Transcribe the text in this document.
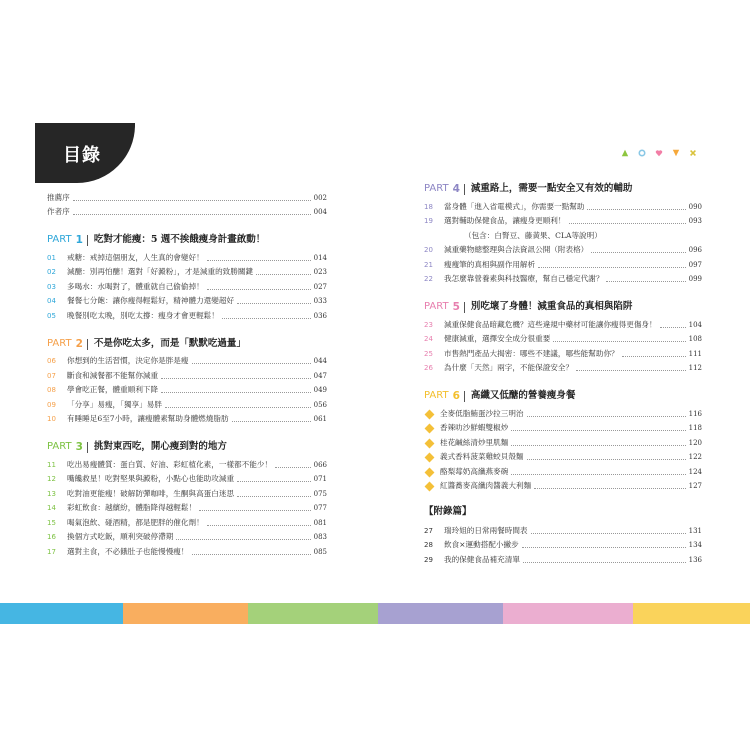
目錄
推薦序	002
作者序	004
PART 1 吃對才能瘦：5 週不挨餓瘦身計畫啟動！
01	戒糖：戒掉這個朋友，人生真的會變好！	014
02	減醣：別再怕醣！選對「好澱粉」，才是減重的致勝關鍵	023
03	多喝水：水喝對了，體重就自己偷偷掉！	027
04	餐餐七分飽：讓你瘦得輕鬆好，精神體力還變超好	033
05	晚餐別吃太晚，別吃太撐：瘦身才會更輕鬆！	036
PART 2 不是你吃太多，而是「默默吃過量」
06	你想到的生活習慣，決定你是胖是瘦	044
07	斷食和減餐都不能幫你減重	047
08	學會吃正餐，體重順利下降	049
09	「分享」易瘦，「獨享」易胖	056
10	有睡睡足6至7小時，讓瘦體素幫助身體燃燒脂肪	061
PART 3 挑對東西吃，開心瘦到對的地方
11	吃出易瘦體質：蛋白質、好油、彩虹植化素，一樣都不能少！	066
12	嘴饞救星！吃對堅果與澱粉，小點心也能助攻減重	071
13	吃對油更能瘦！破解防彈咖啡，生酮與高蛋白迷思	075
14	彩虹飲食：越繽紛，體脂降得越輕鬆！	077
15	喝氣泡飲、碰酒精，都是肥胖的催化劑！	081
16	換個方式吃飯，順利突破停滯期	083
17	選對主食，不必餓肚子也能慢慢瘦！	085
PART 4 減重路上，需要一點安全又有效的輔助
18	當身體「進入省電模式」，你需要一點幫助	090
19	選對輔助保健食品，讓瘦身更順利！	093
（包含：白腎豆、藤黃果、CLA等說明）
20	減重藥物總整理與合法資訊公開（附表格）	096
21	瘦瘦筆的真相與副作用解析	097
22	我怎麼靠營養素與科技醫療，幫自己穩定代謝？	099
PART 5 別吃壞了身體！減重食品的真相與陷阱
23	減重保健食品暗藏危機？這些違規中藥材可能讓你瘦得更傷身！	104
24	健康減重，選擇安全成分很重要	108
25	市售熱門產品大揭密：哪些不建議，哪些能幫助你？	111
26	為什麼「天然」兩字，不能保證安全？	112
PART 6 高纖又低醣的營養瘦身餐
全麥低脂鮪蛋沙拉三明治	116
香辣叻沙鮮蝦雙椒炒	118
桂花鹹絲清炒里肌麵	120
義式香料菠菜雞蛟貝殼麵	122
酪梨莓奶高纖燕麥碗	124
紅醬蕎麥高纖肉醬義大利麵	127
【附錄篇】
27	瑞玲姐的日常兩餐時間表	131
28	飲食×運動搭配小撇步	134
29	我的保健食品補充清單	136
